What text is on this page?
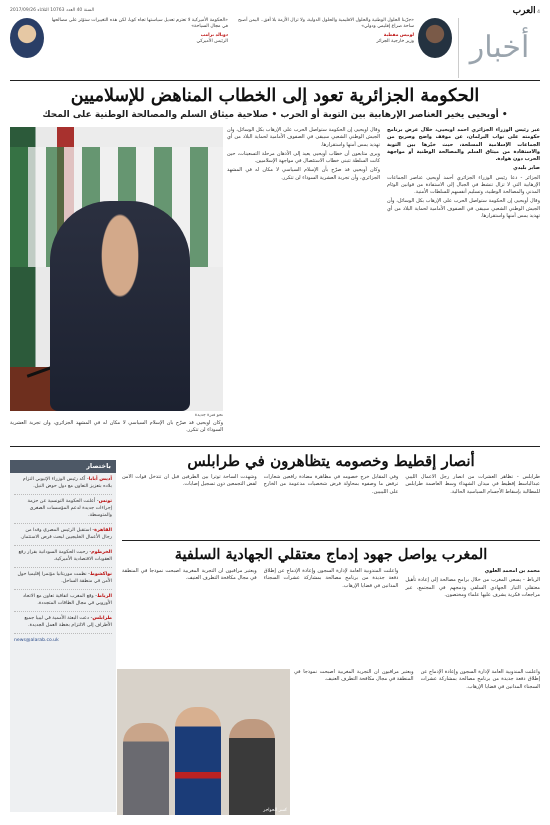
4 العرب
السنة 40 العدد 10763 الثلاثاء 2017/09/26
أخبار
«جرّبنا الحلول الوطنية والحلول الاقليمية والحلول الدولية، ولا تزال الأزمة بلا أفق.. اليمن أصبح ساحة صراع إقليمي ودولي»
لونيس مقطبة
وزير خارجية الجزائر
«الحكومة الأميركية لا تعتزم تعديل سياستها تجاه كوبا، لكن هذه التغييرات ستؤثر على مصالحها في مجال السياحة»
دونالد ترامب
الرئيس الأميركي
الحكومة الجزائرية تعود إلى الخطاب المناهض للإسلاميين
• أويحيى يخير العناصر الإرهابية بين التوبة أو الحرب • صلاحية ميثاق السلم والمصالحة الوطنية على المحك

عبر رئيس الوزراء الجزائري أحمد أويحيى، خلال عرض برنامج حكومته على نواب البرلمان، عن موقف واضح وصريح من الجماعات الإسلامية المسلحة، حيث خيّرها بين التوبة والاستفادة من ميثاق السلم والمصالحة الوطنية أو مواجهة الحرب دون هوادة.

صابر بليدي

الجزائر - دعا رئيس الوزراء الجزائري أحمد أويحيى عناصر الجماعات الإرهابية التي لا تزال تنشط في الجبال إلى الاستفادة من قوانين الوئام المدني والمصالحة الوطنية، وتسليم أنفسهم للسلطات الأمنية.

وقال أويحيى إن الحكومة ستواصل الحرب على الإرهاب بكل الوسائل، وأن الجيش الوطني الشعبي سيبقى في الصفوف الأمامية لحماية البلاد من أي تهديد يمس أمنها واستقرارها.

وقال أويحيى إن الحكومة ستواصل الحرب على الإرهاب بكل الوسائل، وأن الجيش الوطني الشعبي سيبقى في الصفوف الأمامية لحماية البلاد من أي تهديد يمس أمنها واستقرارها.

ويرى متابعون أن خطاب أويحيى يعيد إلى الأذهان مرحلة التسعينات، حين كانت السلطة تتبنى خطاب الاستئصال في مواجهة الإسلاميين.

وكان أويحيى قد صرّح بأن الإسلام السياسي لا مكان له في المشهد الجزائري، وأن تجربة العشرية السوداء لن تتكرر.

نحو فترة جديدة
وكان أويحيى قد صرّح بأن الإسلام السياسي لا مكان له في المشهد الجزائري، وأن تجربة العشرية السوداء لن تتكرر.
أنصار إقطيط وخصومه يتظاهرون في طرابلس
طرابلس - تظاهر العشرات من أنصار رجل الأعمال الليبي عبدالباسط إقطيط في ميدان الشهداء وسط العاصمة طرابلس للمطالبة بإسقاط الأجسام السياسية الحالية.
وفي المقابل خرج خصومه في مظاهرة مضادة رافعين شعارات ترفض ما وصفوه بمحاولة فرض شخصيات مدعومة من الخارج على الليبيين.
وشهدت الساحة توترا بين الطرفين قبل أن تتدخل قوات الأمن لفض التجمعين دون تسجيل إصابات.
المغرب يواصل جهود إدماج معتقلي الجهادية السلفية

محمد بن امحمد العلوي

الرباط - يسعى المغرب من خلال برامج مصالحة إلى إعادة تأهيل معتقلي التيار الجهادي السلفي ودمجهم في المجتمع، عبر مراجعات فكرية يشرف عليها علماء ومختصون.

وأعلنت المندوبية العامة لإدارة السجون وإعادة الإدماج عن إطلاق دفعة جديدة من برنامج مصالحة بمشاركة عشرات السجناء المدانين في قضايا الإرهاب.
ويعتبر مراقبون أن التجربة المغربية أصبحت نموذجا في المنطقة في مجال مكافحة التطرف العنيف.
وأعلنت المندوبية العامة لإدارة السجون وإعادة الإدماج عن إطلاق دفعة جديدة من برنامج مصالحة بمشاركة عشرات السجناء المدانين في قضايا الإرهاب.
ويعتبر مراقبون أن التجربة المغربية أصبحت نموذجا في المنطقة في مجال مكافحة التطرف العنيف.
كسر الحواجز
باختصار
أديس أبابا- أكد رئيس الوزراء الإثيوبي التزام بلاده بتعزيز التعاون مع دول حوض النيل.
تونس- أعلنت الحكومة التونسية عن حزمة إجراءات جديدة لدعم المؤسسات الصغرى والمتوسطة.
القاهرة- استقبل الرئيس المصري وفدا من رجال الأعمال الخليجيين لبحث فرص الاستثمار.
الخرطوم- رحبت الحكومة السودانية بقرار رفع العقوبات الاقتصادية الأميركية.
نواكشوط- نظمت موريتانيا مؤتمرا إقليميا حول الأمن في منطقة الساحل.
الرباط- وقع المغرب اتفاقية تعاون مع الاتحاد الأوروبي في مجال الطاقات المتجددة.
طرابلس- دعت البعثة الأممية في ليبيا جميع الأطراف إلى الالتزام بخطة العمل الجديدة.
news@alarab.co.uk
